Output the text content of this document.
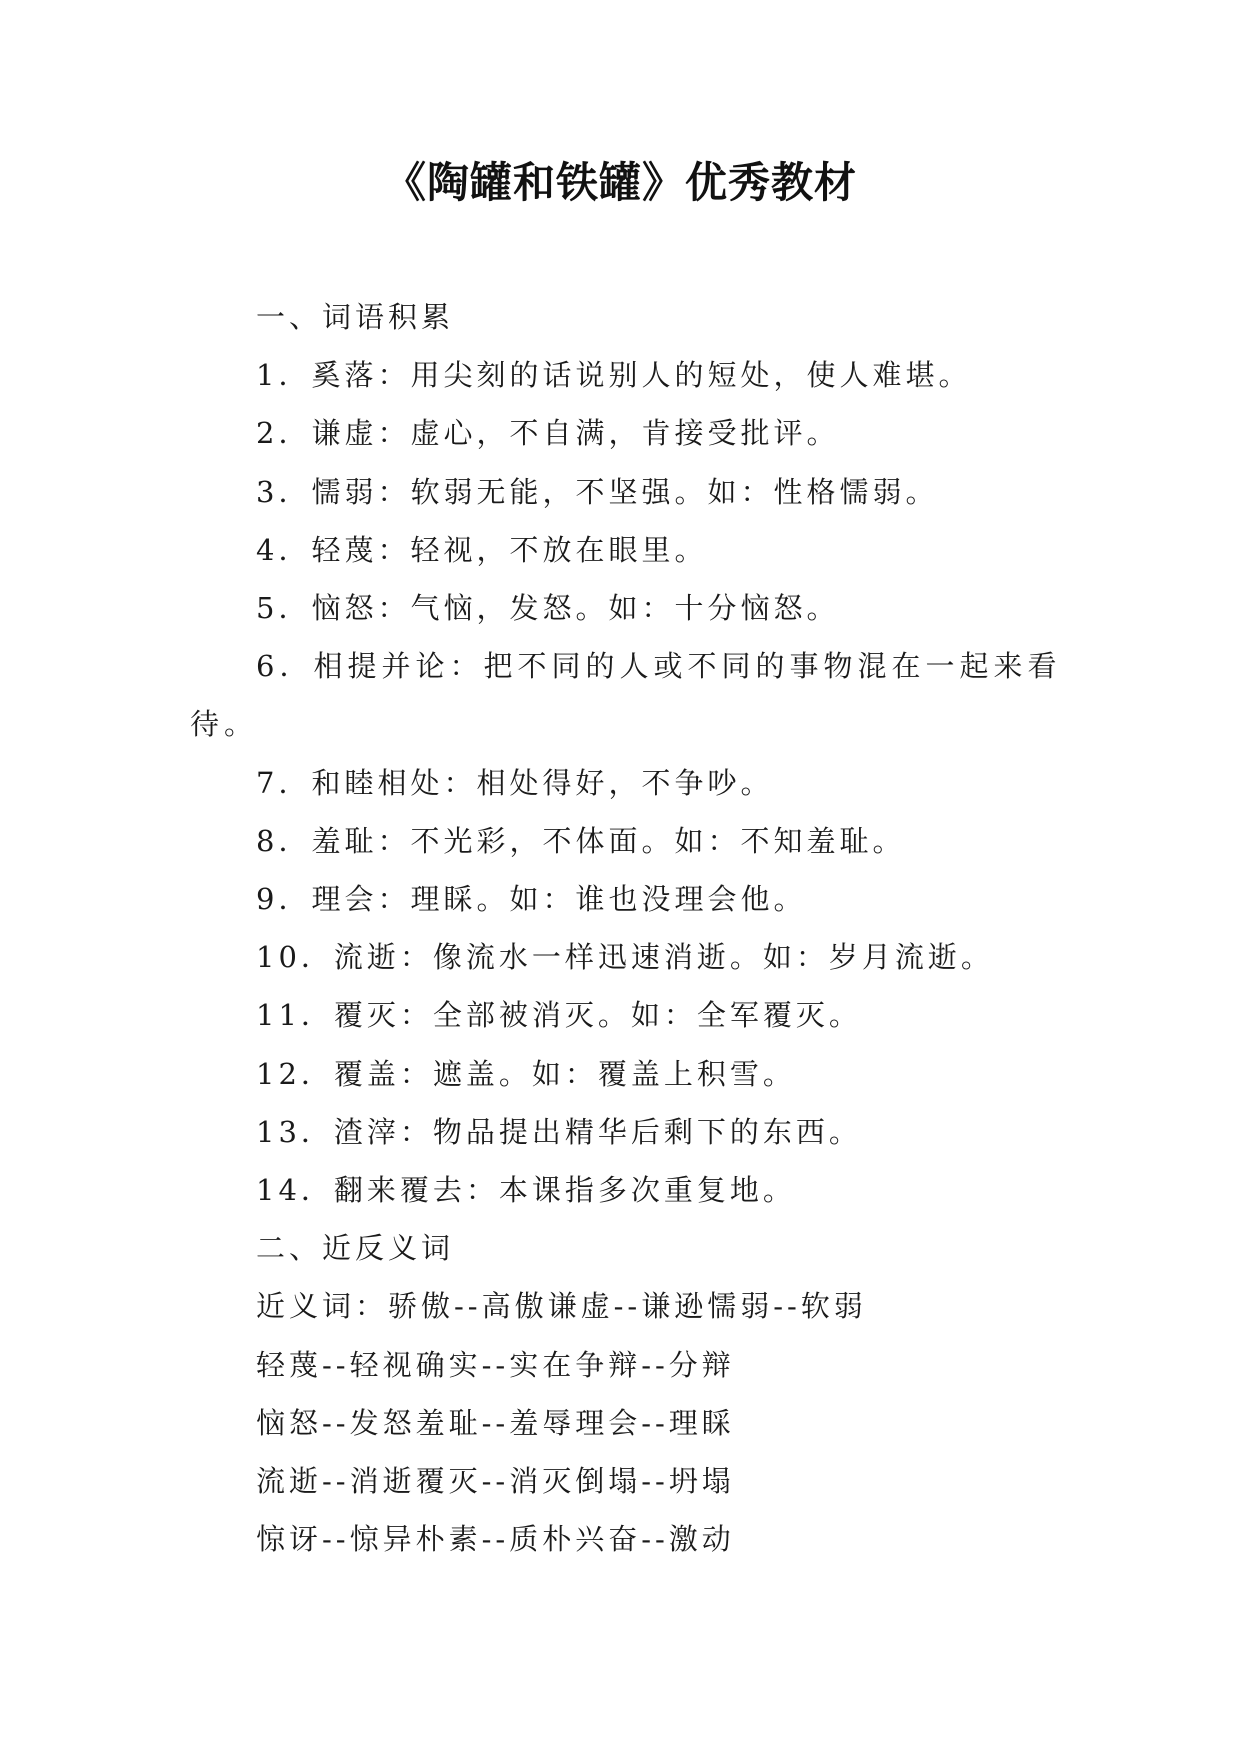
《陶罐和铁罐》优秀教材

一、词语积累

1．奚落：用尖刻的话说别人的短处，使人难堪。

2．谦虚：虚心，不自满，肯接受批评。

3．懦弱：软弱无能，不坚强。如：性格懦弱。

4．轻蔑：轻视，不放在眼里。

5．恼怒：气恼，发怒。如：十分恼怒。

6．相提并论：把不同的人或不同的事物混在一起来看待。

7．和睦相处：相处得好，不争吵。

8．羞耻：不光彩，不体面。如：不知羞耻。

9．理会：理睬。如：谁也没理会他。

10．流逝：像流水一样迅速消逝。如：岁月流逝。

11．覆灭：全部被消灭。如：全军覆灭。

12．覆盖：遮盖。如：覆盖上积雪。

13．渣滓：物品提出精华后剩下的东西。

14．翻来覆去：本课指多次重复地。

二、近反义词

近义词：骄傲--高傲谦虚--谦逊懦弱--软弱

轻蔑--轻视确实--实在争辩--分辩

恼怒--发怒羞耻--羞辱理会--理睬

流逝--消逝覆灭--消灭倒塌--坍塌

惊讶--惊异朴素--质朴兴奋--激动
